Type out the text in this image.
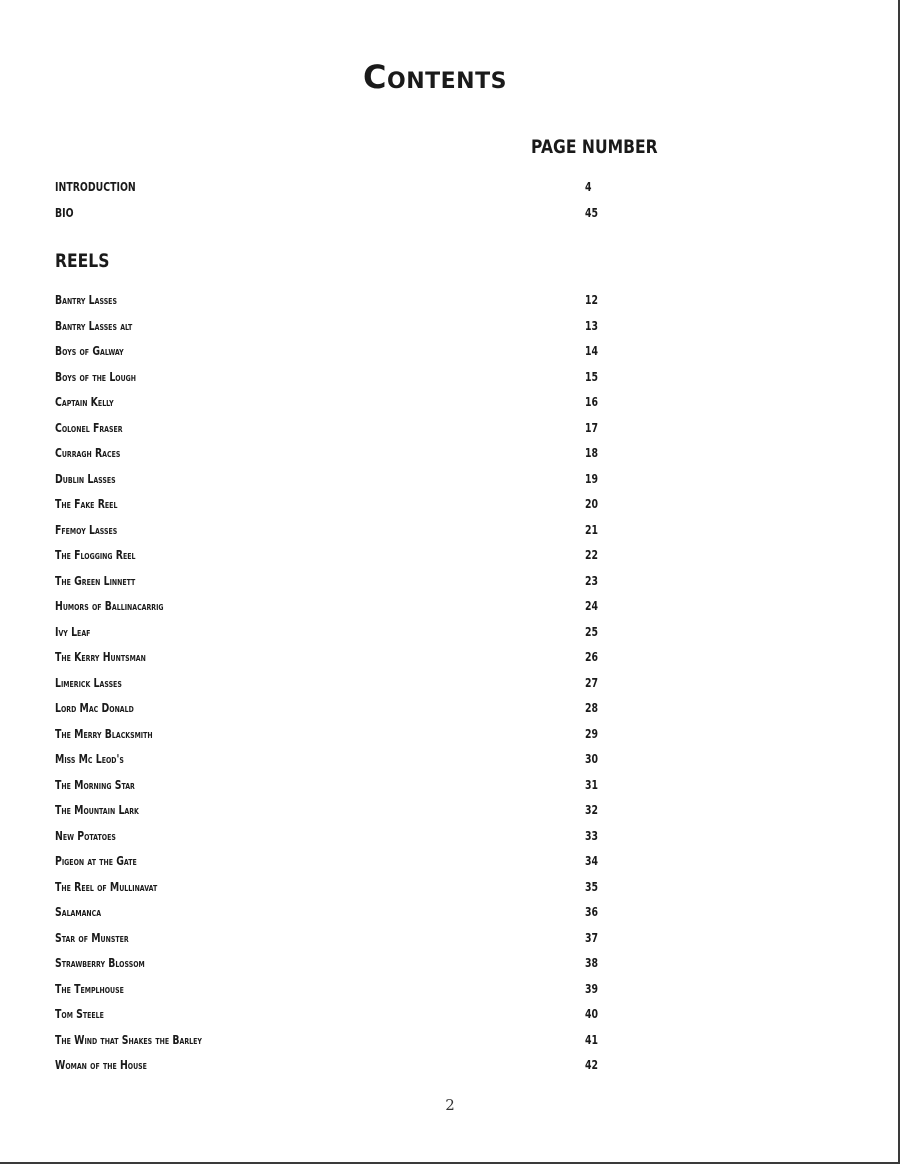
Contents
PAGE NUMBER
INTRODUCTION	4
BIO	45
REELS
Bantry Lasses	12
Bantry Lasses alt	13
Boys of Galway	14
Boys of the Lough	15
Captain Kelly	16
Colonel Fraser	17
Curragh Races	18
Dublin Lasses	19
The Fake Reel	20
Ffemoy Lasses	21
The Flogging Reel	22
The Green Linnett	23
Humors of Ballinacarrig	24
Ivy Leaf	25
The Kerry Huntsman	26
Limerick Lasses	27
Lord Mac Donald	28
The Merry Blacksmith	29
Miss Mc Leod's	30
The Morning Star	31
The Mountain Lark	32
New Potatoes	33
Pigeon at the Gate	34
The Reel of Mullinavat	35
Salamanca	36
Star of Munster	37
Strawberry Blossom	38
The Templhouse	39
Tom Steele	40
The Wind that Shakes the Barley	41
Woman of the House	42
2
